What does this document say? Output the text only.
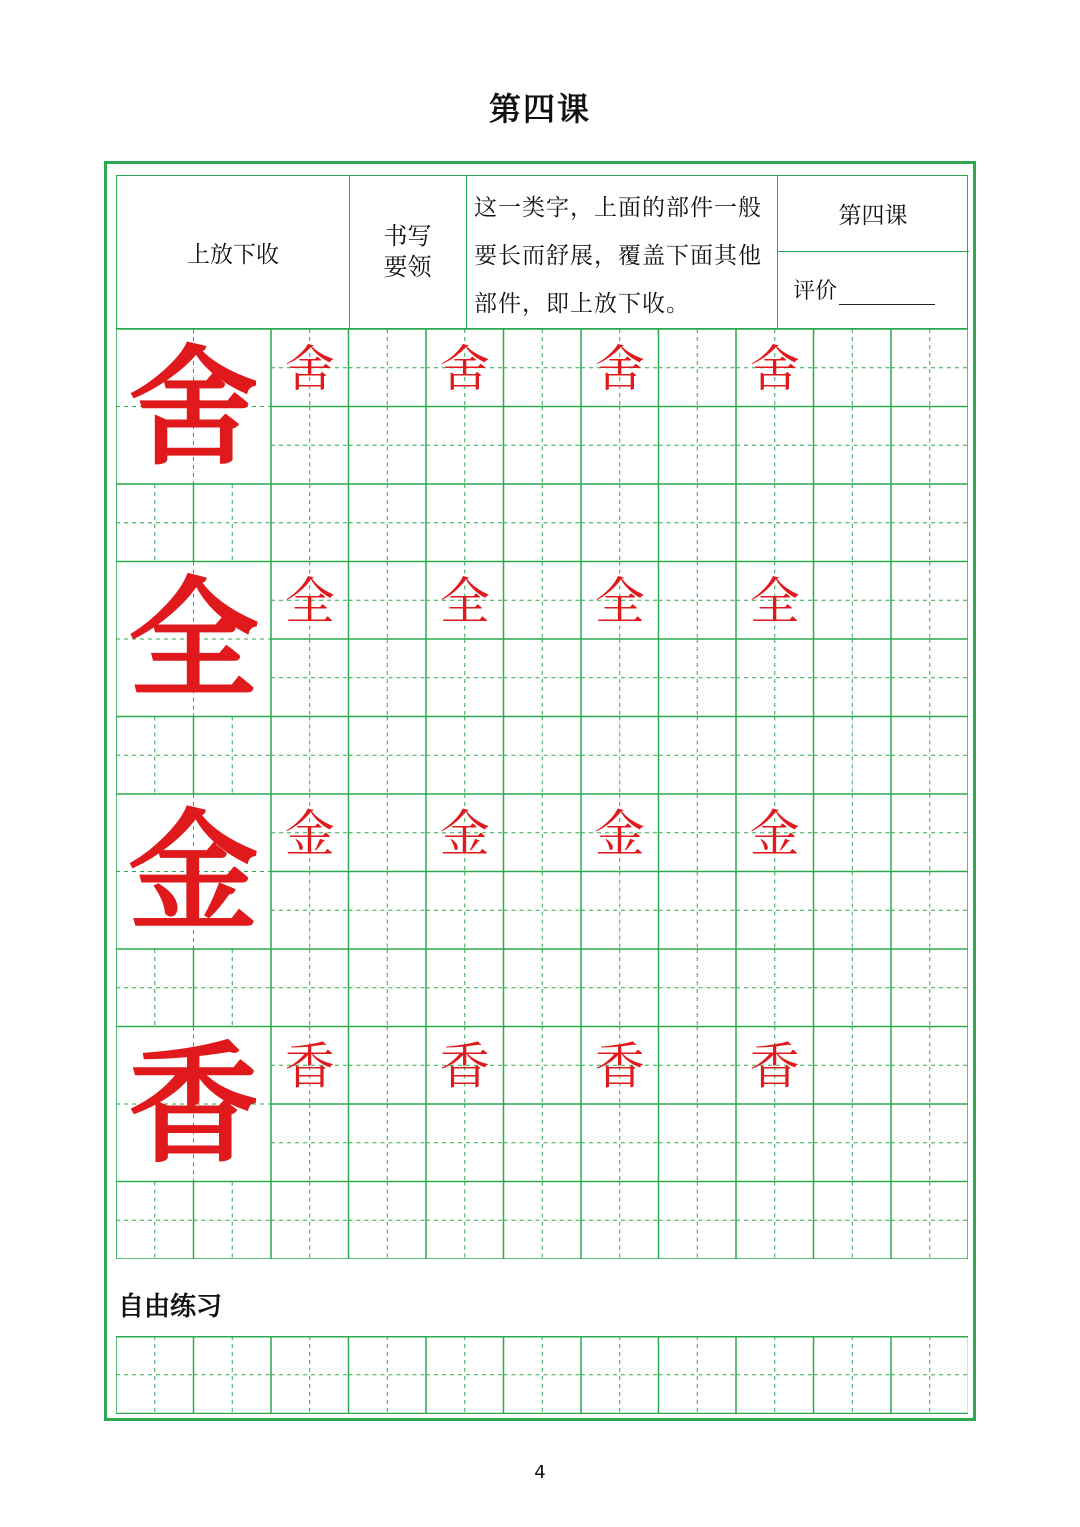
第四课
上放下收
书写
要领
这一类字，上面的部件一般要长而舒展，覆盖下面其他部件，即上放下收。
第四课
评价
舍 舍 舍 舍 舍
全 全 全 全 全
金 金 金 金 金
香 香 香 香 香
自由练习
4
